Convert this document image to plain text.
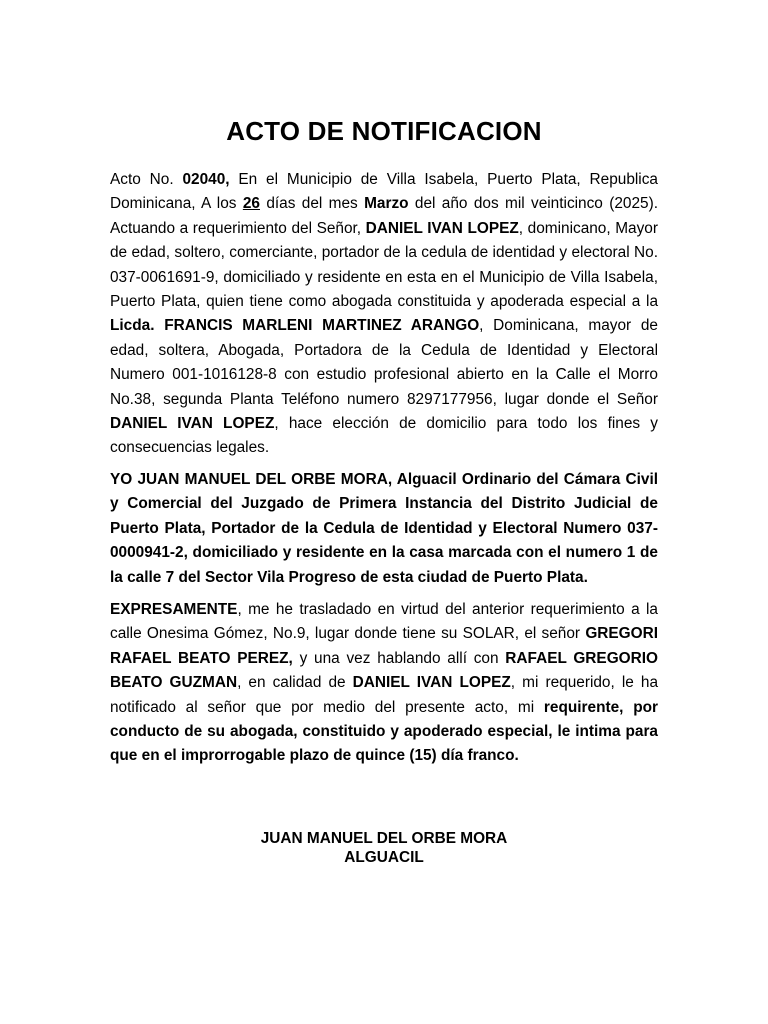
ACTO DE NOTIFICACION

Acto No. 02040, En el Municipio de Villa Isabela, Puerto Plata, Republica Dominicana, A los 26 días del mes Marzo del año dos mil veinticinco (2025). Actuando a requerimiento del Señor, DANIEL IVAN LOPEZ, dominicano, Mayor de edad, soltero, comerciante, portador de la cedula de identidad y electoral No. 037-0061691-9, domiciliado y residente en esta en el Municipio de Villa Isabela, Puerto Plata, quien tiene como abogada constituida y apoderada especial a la Licda. FRANCIS MARLENI MARTINEZ ARANGO, Dominicana, mayor de edad, soltera, Abogada, Portadora de la Cedula de Identidad y Electoral Numero 001-1016128-8 con estudio profesional abierto en la Calle el Morro No.38, segunda Planta Teléfono numero 8297177956, lugar donde el Señor DANIEL IVAN LOPEZ, hace elección de domicilio para todo los fines y consecuencias legales.

YO JUAN MANUEL DEL ORBE MORA, Alguacil Ordinario del Cámara Civil y Comercial del Juzgado de Primera Instancia del Distrito Judicial de Puerto Plata, Portador de la Cedula de Identidad y Electoral Numero 037-0000941-2, domiciliado y residente en la casa marcada con el numero 1 de la calle 7 del Sector Vila Progreso de esta ciudad de Puerto Plata.

EXPRESAMENTE, me he trasladado en virtud del anterior requerimiento a la calle Onesima Gómez, No.9, lugar donde tiene su SOLAR, el señor GREGORI RAFAEL BEATO PEREZ, y una vez hablando allí con RAFAEL GREGORIO BEATO GUZMAN, en calidad de DANIEL IVAN LOPEZ, mi requerido, le ha notificado al señor que por medio del presente acto, mi requirente, por conducto de su abogada, constituido y apoderado especial, le intima para que en el improrrogable plazo de quince (15) día franco.

JUAN MANUEL DEL ORBE MORA

ALGUACIL
